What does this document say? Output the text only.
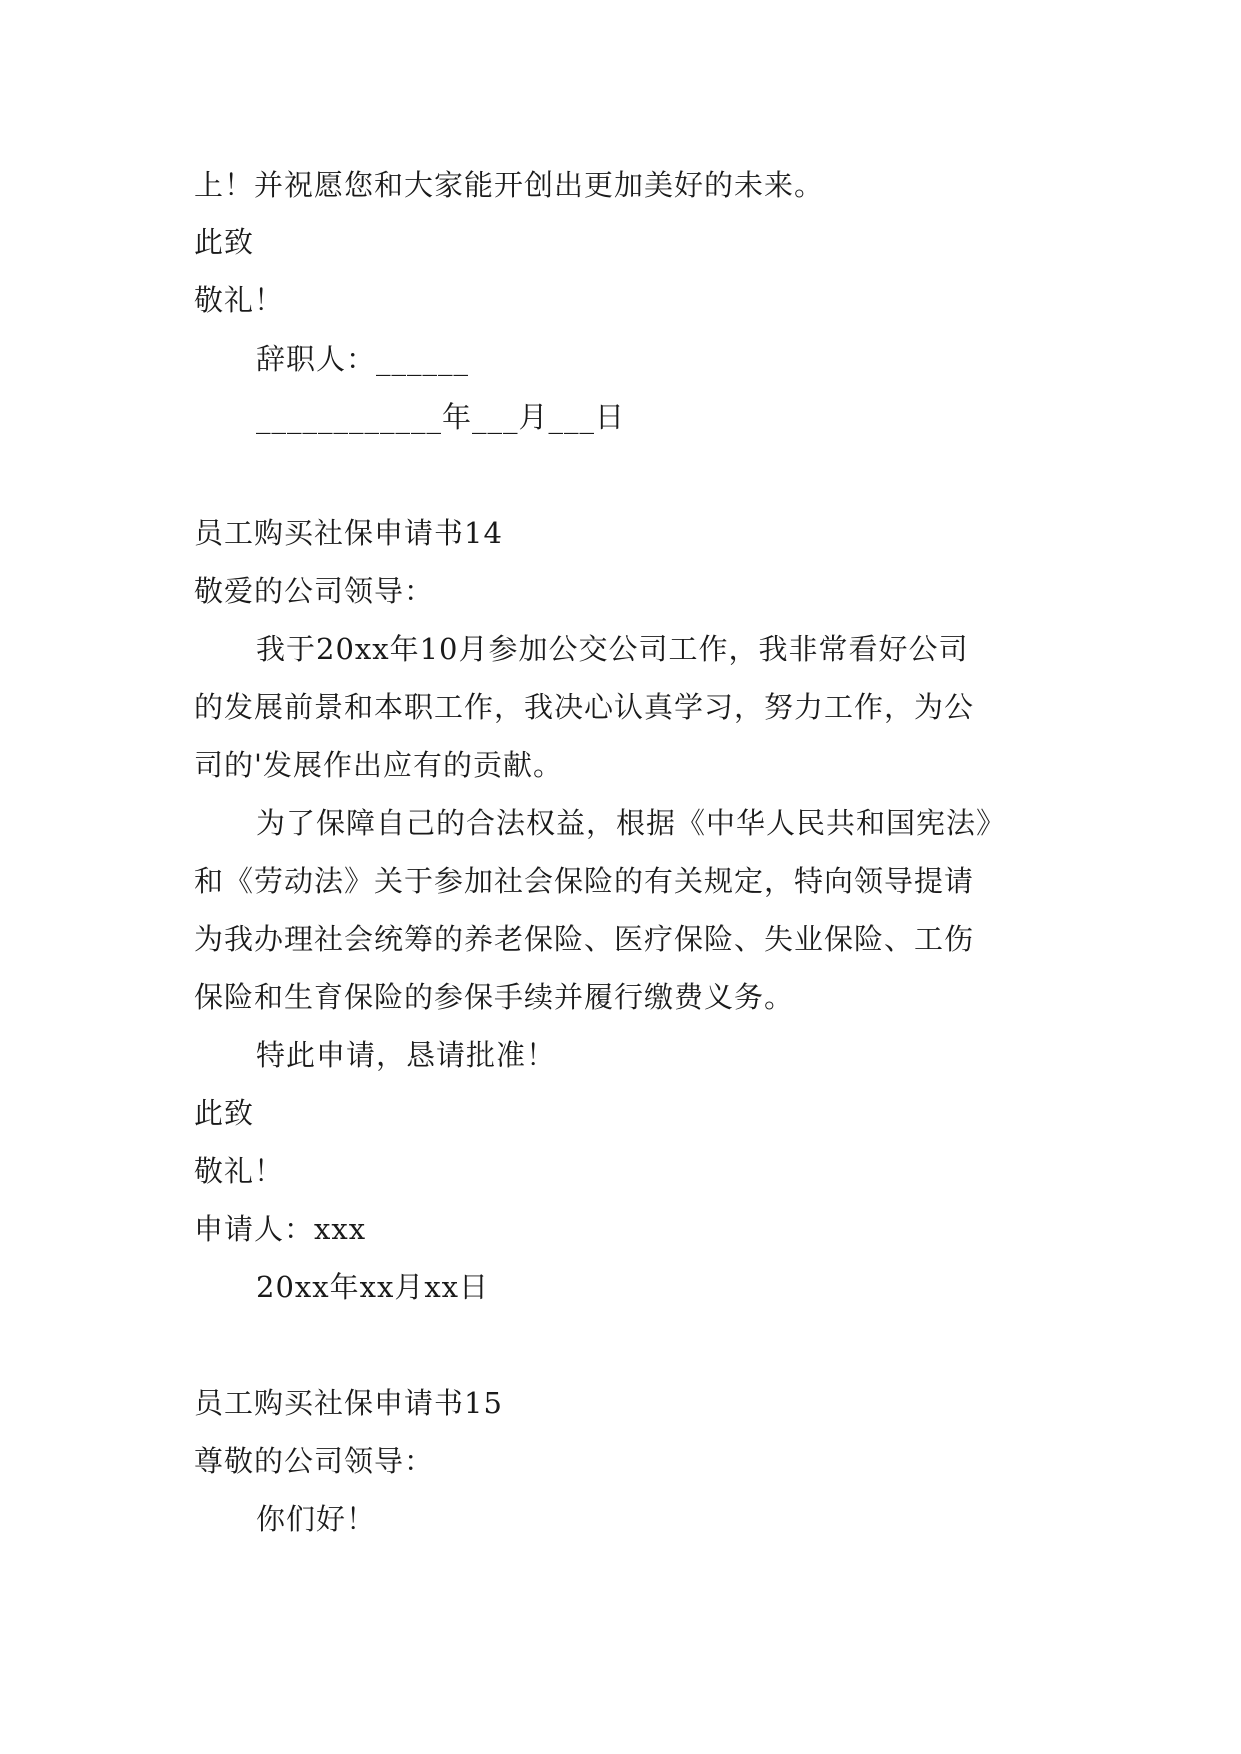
上！并祝愿您和大家能开创出更加美好的未来。
此致
敬礼！
辞职人：______
____________年___月___日
员工购买社保申请书14
敬爱的公司领导：
我于20xx年10月参加公交公司工作，我非常看好公司
的发展前景和本职工作，我决心认真学习，努力工作，为公
司的'发展作出应有的贡献。
为了保障自己的合法权益，根据《中华人民共和国宪法》
和《劳动法》关于参加社会保险的有关规定，特向领导提请
为我办理社会统筹的养老保险、医疗保险、失业保险、工伤
保险和生育保险的参保手续并履行缴费义务。
特此申请，恳请批准！
此致
敬礼！
申请人：xxx
20xx年xx月xx日
员工购买社保申请书15
尊敬的公司领导：
你们好！
